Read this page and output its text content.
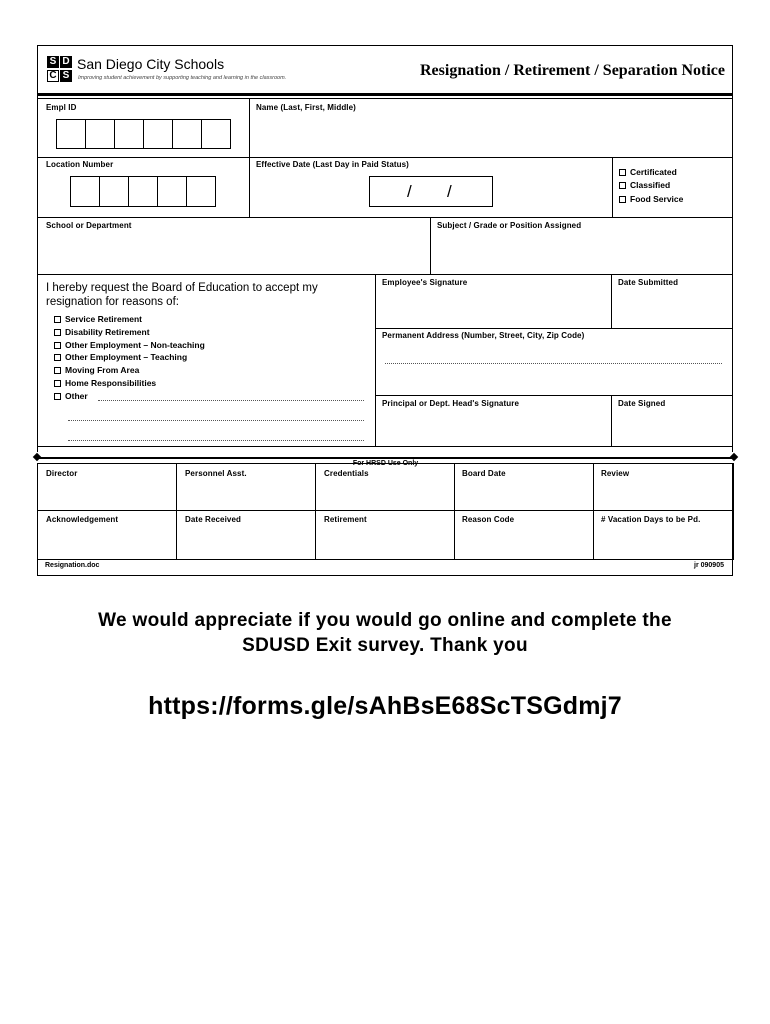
S D
C S
San Diego City Schools
Improving student achievement by supporting teaching and learning in the classroom.	Resignation / Retirement / Separation Notice
Empl ID	Name (Last, First, Middle)
Location Number	Effective Date (Last Day in Paid Status)
/ /
Certificated
Classified
Food Service
School or Department	Subject / Grade or Position Assigned
I hereby request the Board of Education to accept my
resignation for reasons of:
Service Retirement
Disability Retirement
Other Employment – Non-teaching
Other Employment – Teaching
Moving From Area
Home Responsibilities
Other
Employee's Signature	Date Submitted
Permanent Address (Number, Street, City, Zip Code)
Principal or Dept. Head's Signature	Date Signed
For HRSD Use Only
Director	Personnel Asst.	Credentials	Board Date	Review
Acknowledgement	Date Received	Retirement	Reason Code	# Vacation Days to be Pd.
Resignation.doc	jr 090905
We would appreciate if you would go online and complete the
SDUSD Exit survey. Thank you
https://forms.gle/sAhBsE68ScTSGdmj7
